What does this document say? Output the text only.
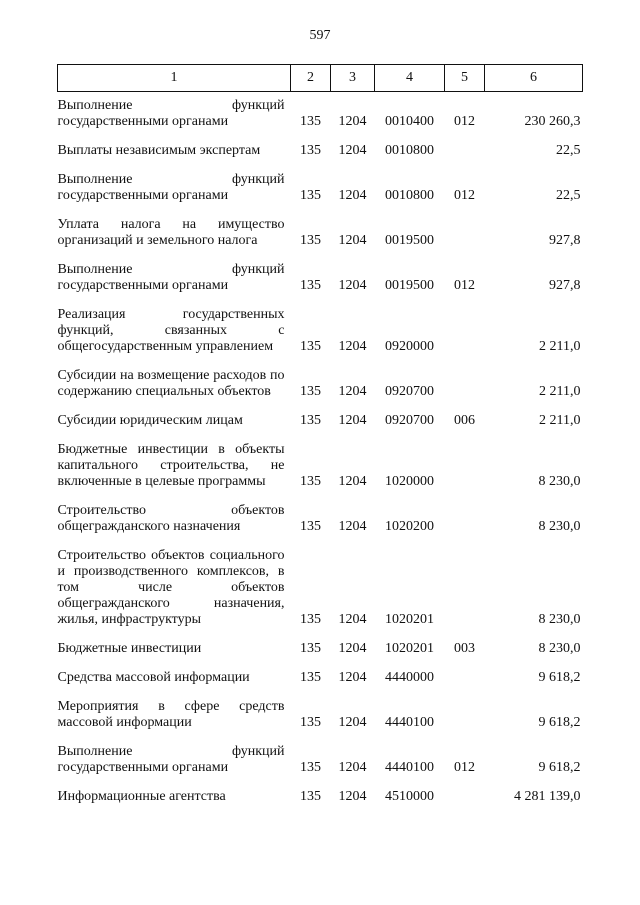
597
1	2	3	4	5	6
Выполнение функций государственными органами	135	1204	0010400	012	230 260,3
Выплаты независимым экспертам	135	1204	0010800		22,5
Выполнение функций государственными органами	135	1204	0010800	012	22,5
Уплата налога на имущество организаций и земельного налога	135	1204	0019500		927,8
Выполнение функций государственными органами	135	1204	0019500	012	927,8
Реализация государственных функций, связанных с общегосударственным управлением	135	1204	0920000		2 211,0
Субсидии на возмещение расходов по содержанию специальных объектов	135	1204	0920700		2 211,0
Субсидии юридическим лицам	135	1204	0920700	006	2 211,0
Бюджетные инвестиции в объекты капитального строительства, не включенные в целевые программы	135	1204	1020000		8 230,0
Строительство объектов общегражданского назначения	135	1204	1020200		8 230,0
Строительство объектов социального и производственного комплексов, в том числе объектов общегражданского назначения, жилья, инфраструктуры	135	1204	1020201		8 230,0
Бюджетные инвестиции	135	1204	1020201	003	8 230,0
Средства массовой информации	135	1204	4440000		9 618,2
Мероприятия в сфере средств массовой информации	135	1204	4440100		9 618,2
Выполнение функций государственными органами	135	1204	4440100	012	9 618,2
Информационные агентства	135	1204	4510000		4 281 139,0
